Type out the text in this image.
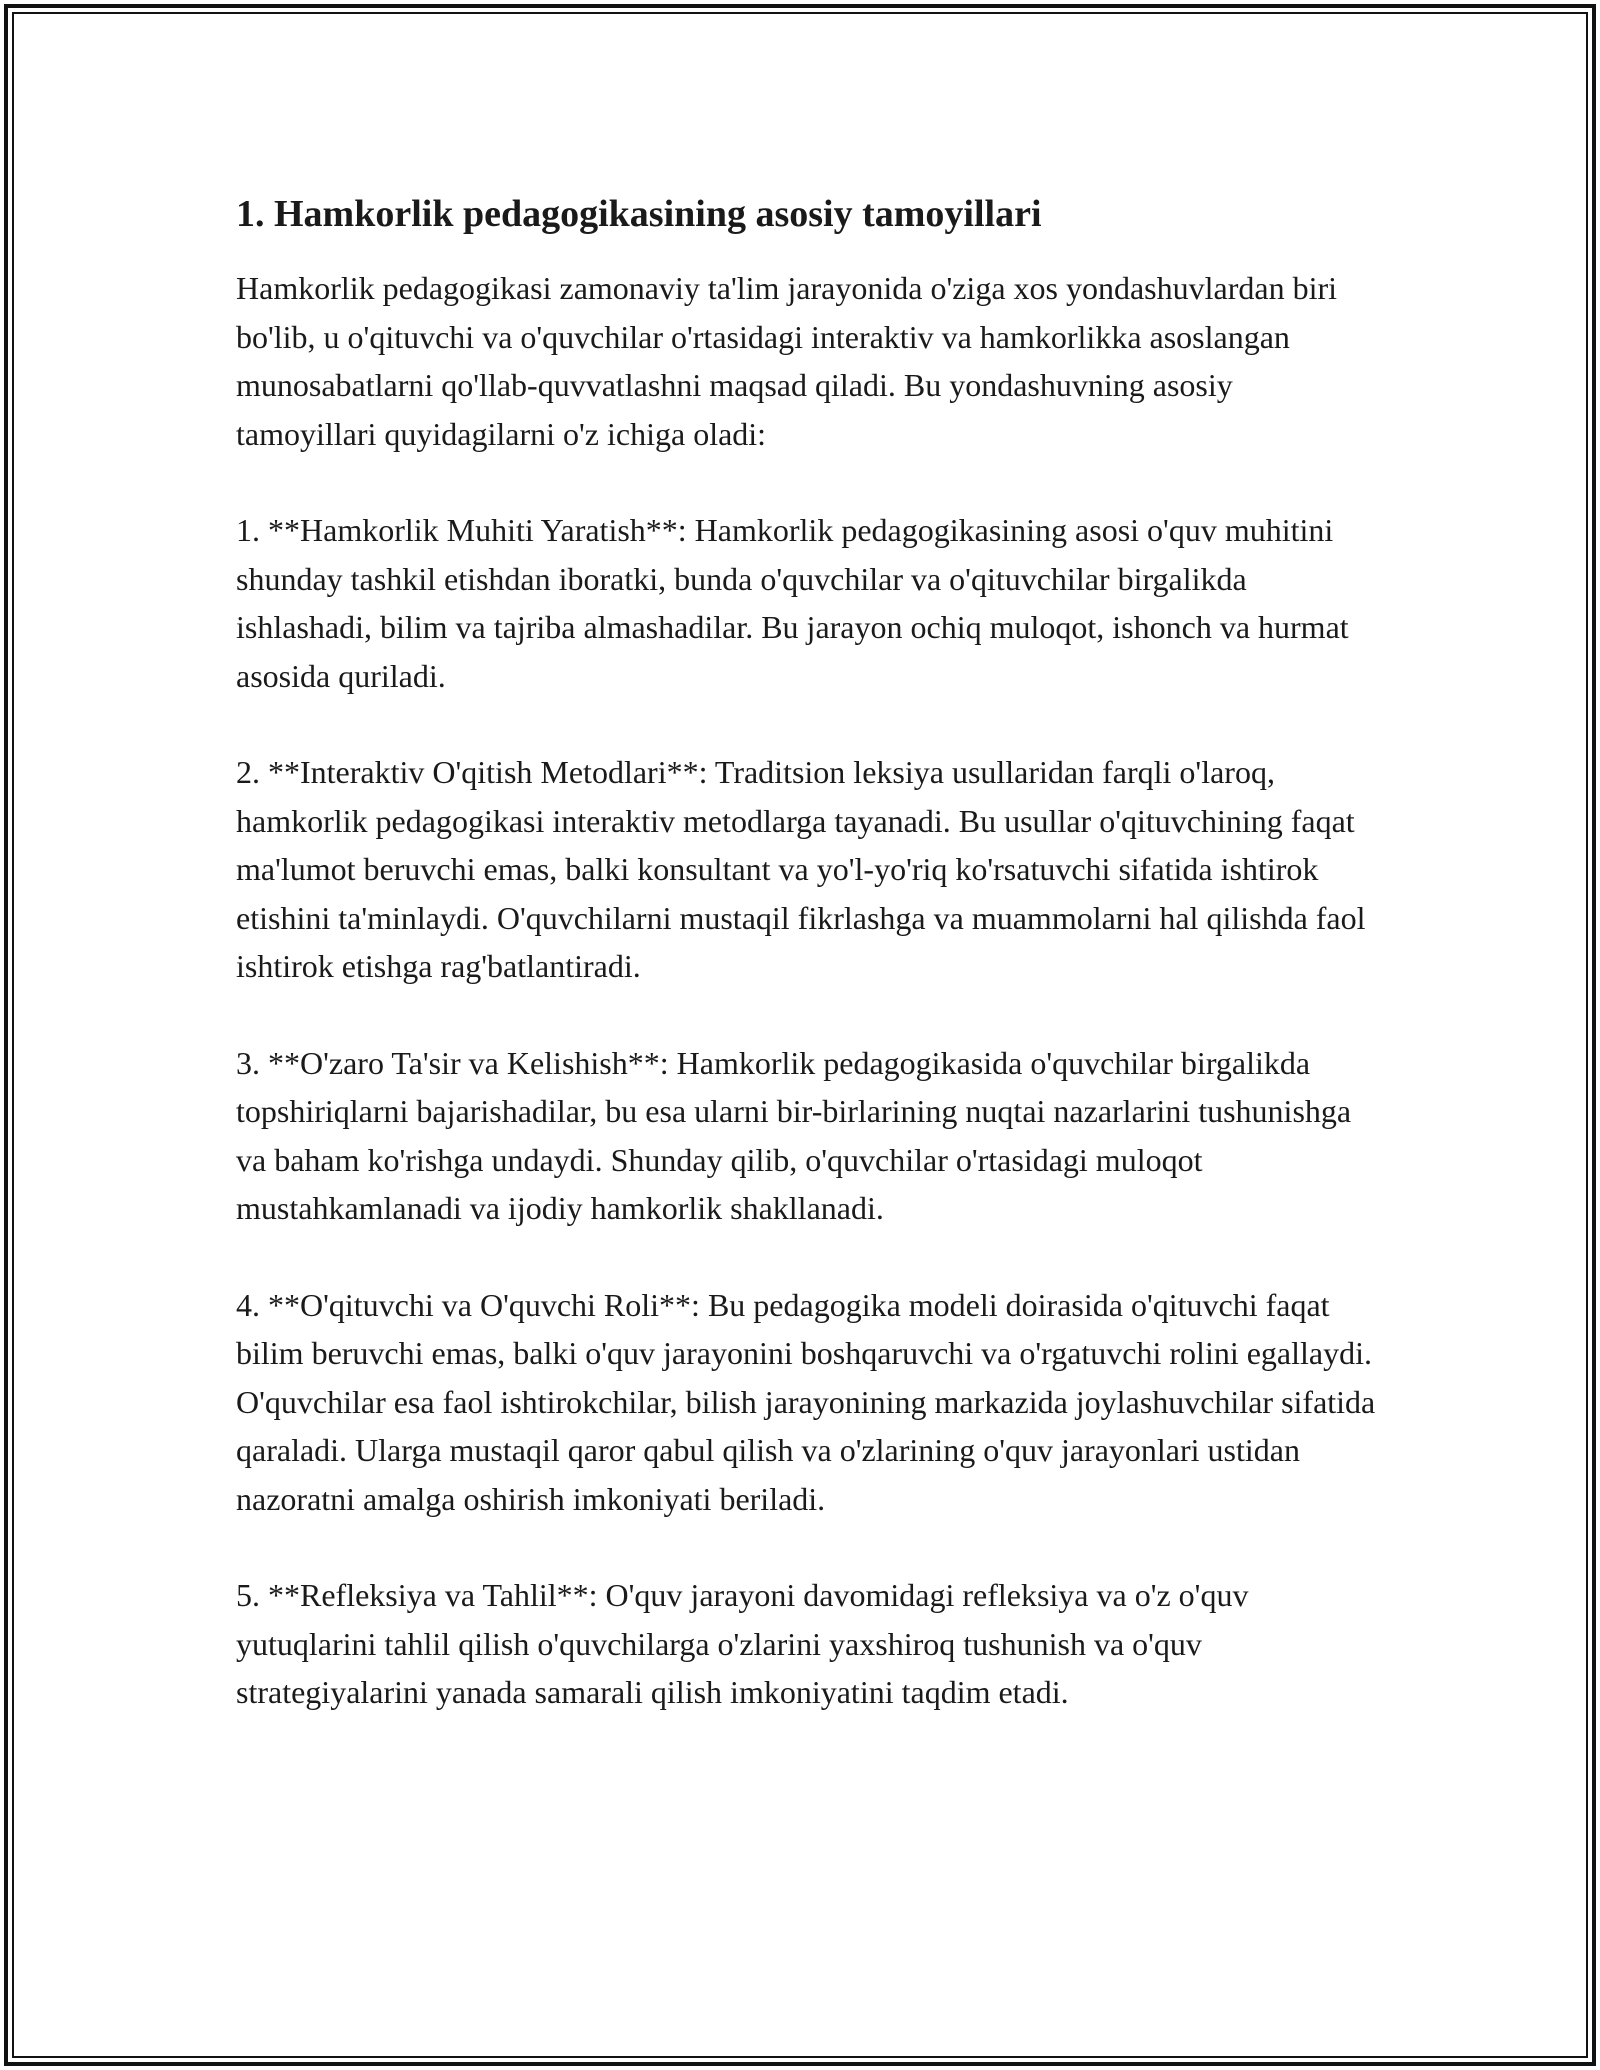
1. Hamkorlik pedagogikasining asosiy tamoyillari

Hamkorlik pedagogikasi zamonaviy ta'lim jarayonida o'ziga xos yondashuvlardan biri bo'lib, u o'qituvchi va o'quvchilar o'rtasidagi interaktiv va hamkorlikka asoslangan munosabatlarni qo'llab-quvvatlashni maqsad qiladi. Bu yondashuvning asosiy tamoyillari quyidagilarni o'z ichiga oladi:

1. **Hamkorlik Muhiti Yaratish**: Hamkorlik pedagogikasining asosi o'quv muhitini shunday tashkil etishdan iboratki, bunda o'quvchilar va o'qituvchilar birgalikda ishlashadi, bilim va tajriba almashadilar. Bu jarayon ochiq muloqot, ishonch va hurmat asosida quriladi.

2. **Interaktiv O'qitish Metodlari**: Traditsion leksiya usullaridan farqli o'laroq, hamkorlik pedagogikasi interaktiv metodlarga tayanadi. Bu usullar o'qituvchining faqat ma'lumot beruvchi emas, balki konsultant va yo'l-yo'riq ko'rsatuvchi sifatida ishtirok etishini ta'minlaydi. O'quvchilarni mustaqil fikrlashga va muammolarni hal qilishda faol ishtirok etishga rag'batlantiradi.

3. **O'zaro Ta'sir va Kelishish**: Hamkorlik pedagogikasida o'quvchilar birgalikda topshiriqlarni bajarishadilar, bu esa ularni bir-birlarining nuqtai nazarlarini tushunishga va baham ko'rishga undaydi. Shunday qilib, o'quvchilar o'rtasidagi muloqot mustahkamlanadi va ijodiy hamkorlik shakllanadi.

4. **O'qituvchi va O'quvchi Roli**: Bu pedagogika modeli doirasida o'qituvchi faqat bilim beruvchi emas, balki o'quv jarayonini boshqaruvchi va o'rgatuvchi rolini egallaydi. O'quvchilar esa faol ishtirokchilar, bilish jarayonining markazida joylashuvchilar sifatida qaraladi. Ularga mustaqil qaror qabul qilish va o'zlarining o'quv jarayonlari ustidan nazoratni amalga oshirish imkoniyati beriladi.

5. **Refleksiya va Tahlil**: O'quv jarayoni davomidagi refleksiya va o'z o'quv yutuqlarini tahlil qilish o'quvchilarga o'zlarini yaxshiroq tushunish va o'quv strategiyalarini yanada samarali qilish imkoniyatini taqdim etadi.
